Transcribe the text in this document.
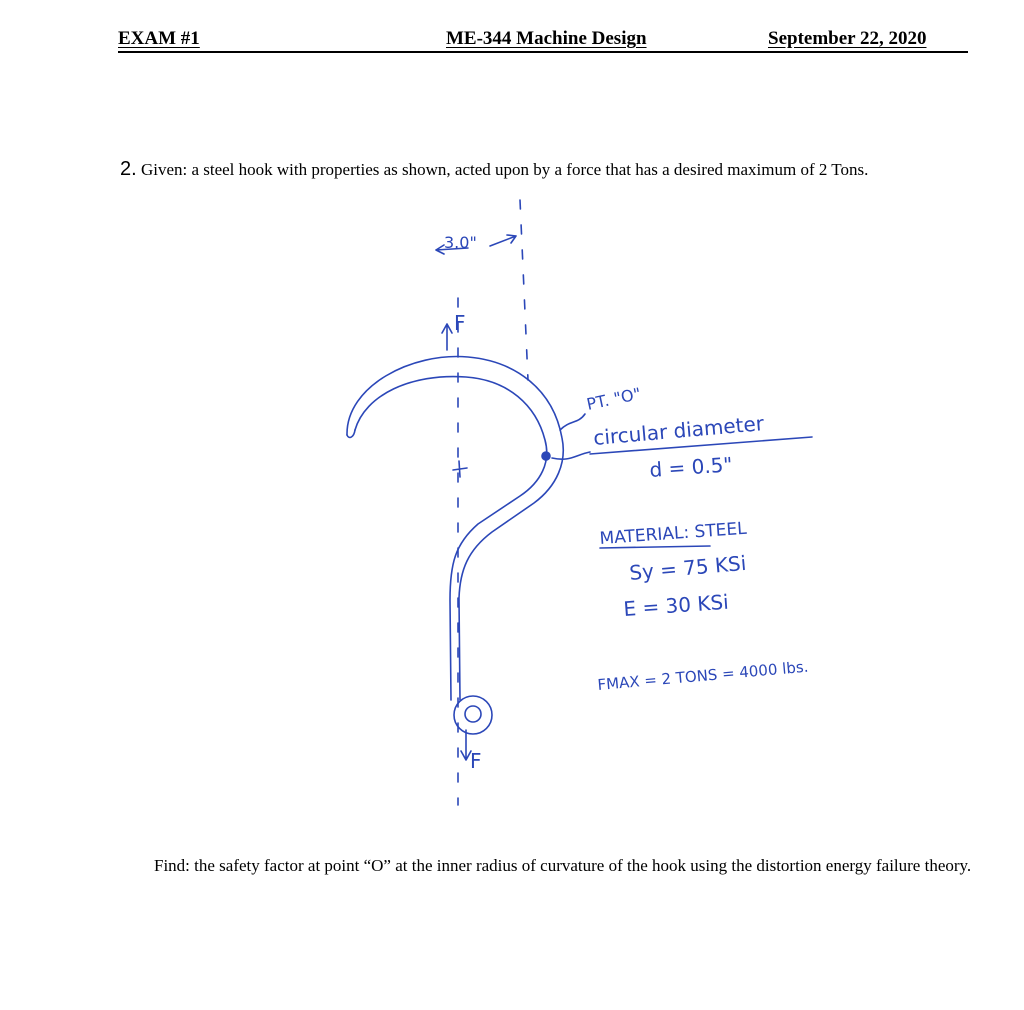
EXAM #1	ME-344 Machine Design	September 22, 2020
2. Given: a steel hook with properties as shown, acted upon by a force that has a desired maximum of 2 Tons.
3.0"
F
F
PT. "O"
circular diameter
d = 0.5"
MATERIAL: STEEL
Sy = 75 KSi
E = 30 KSi
FMAX = 2 TONS = 4000 lbs.
Find: the safety factor at point “O” at the inner radius of curvature of the hook using the distortion energy failure theory.
